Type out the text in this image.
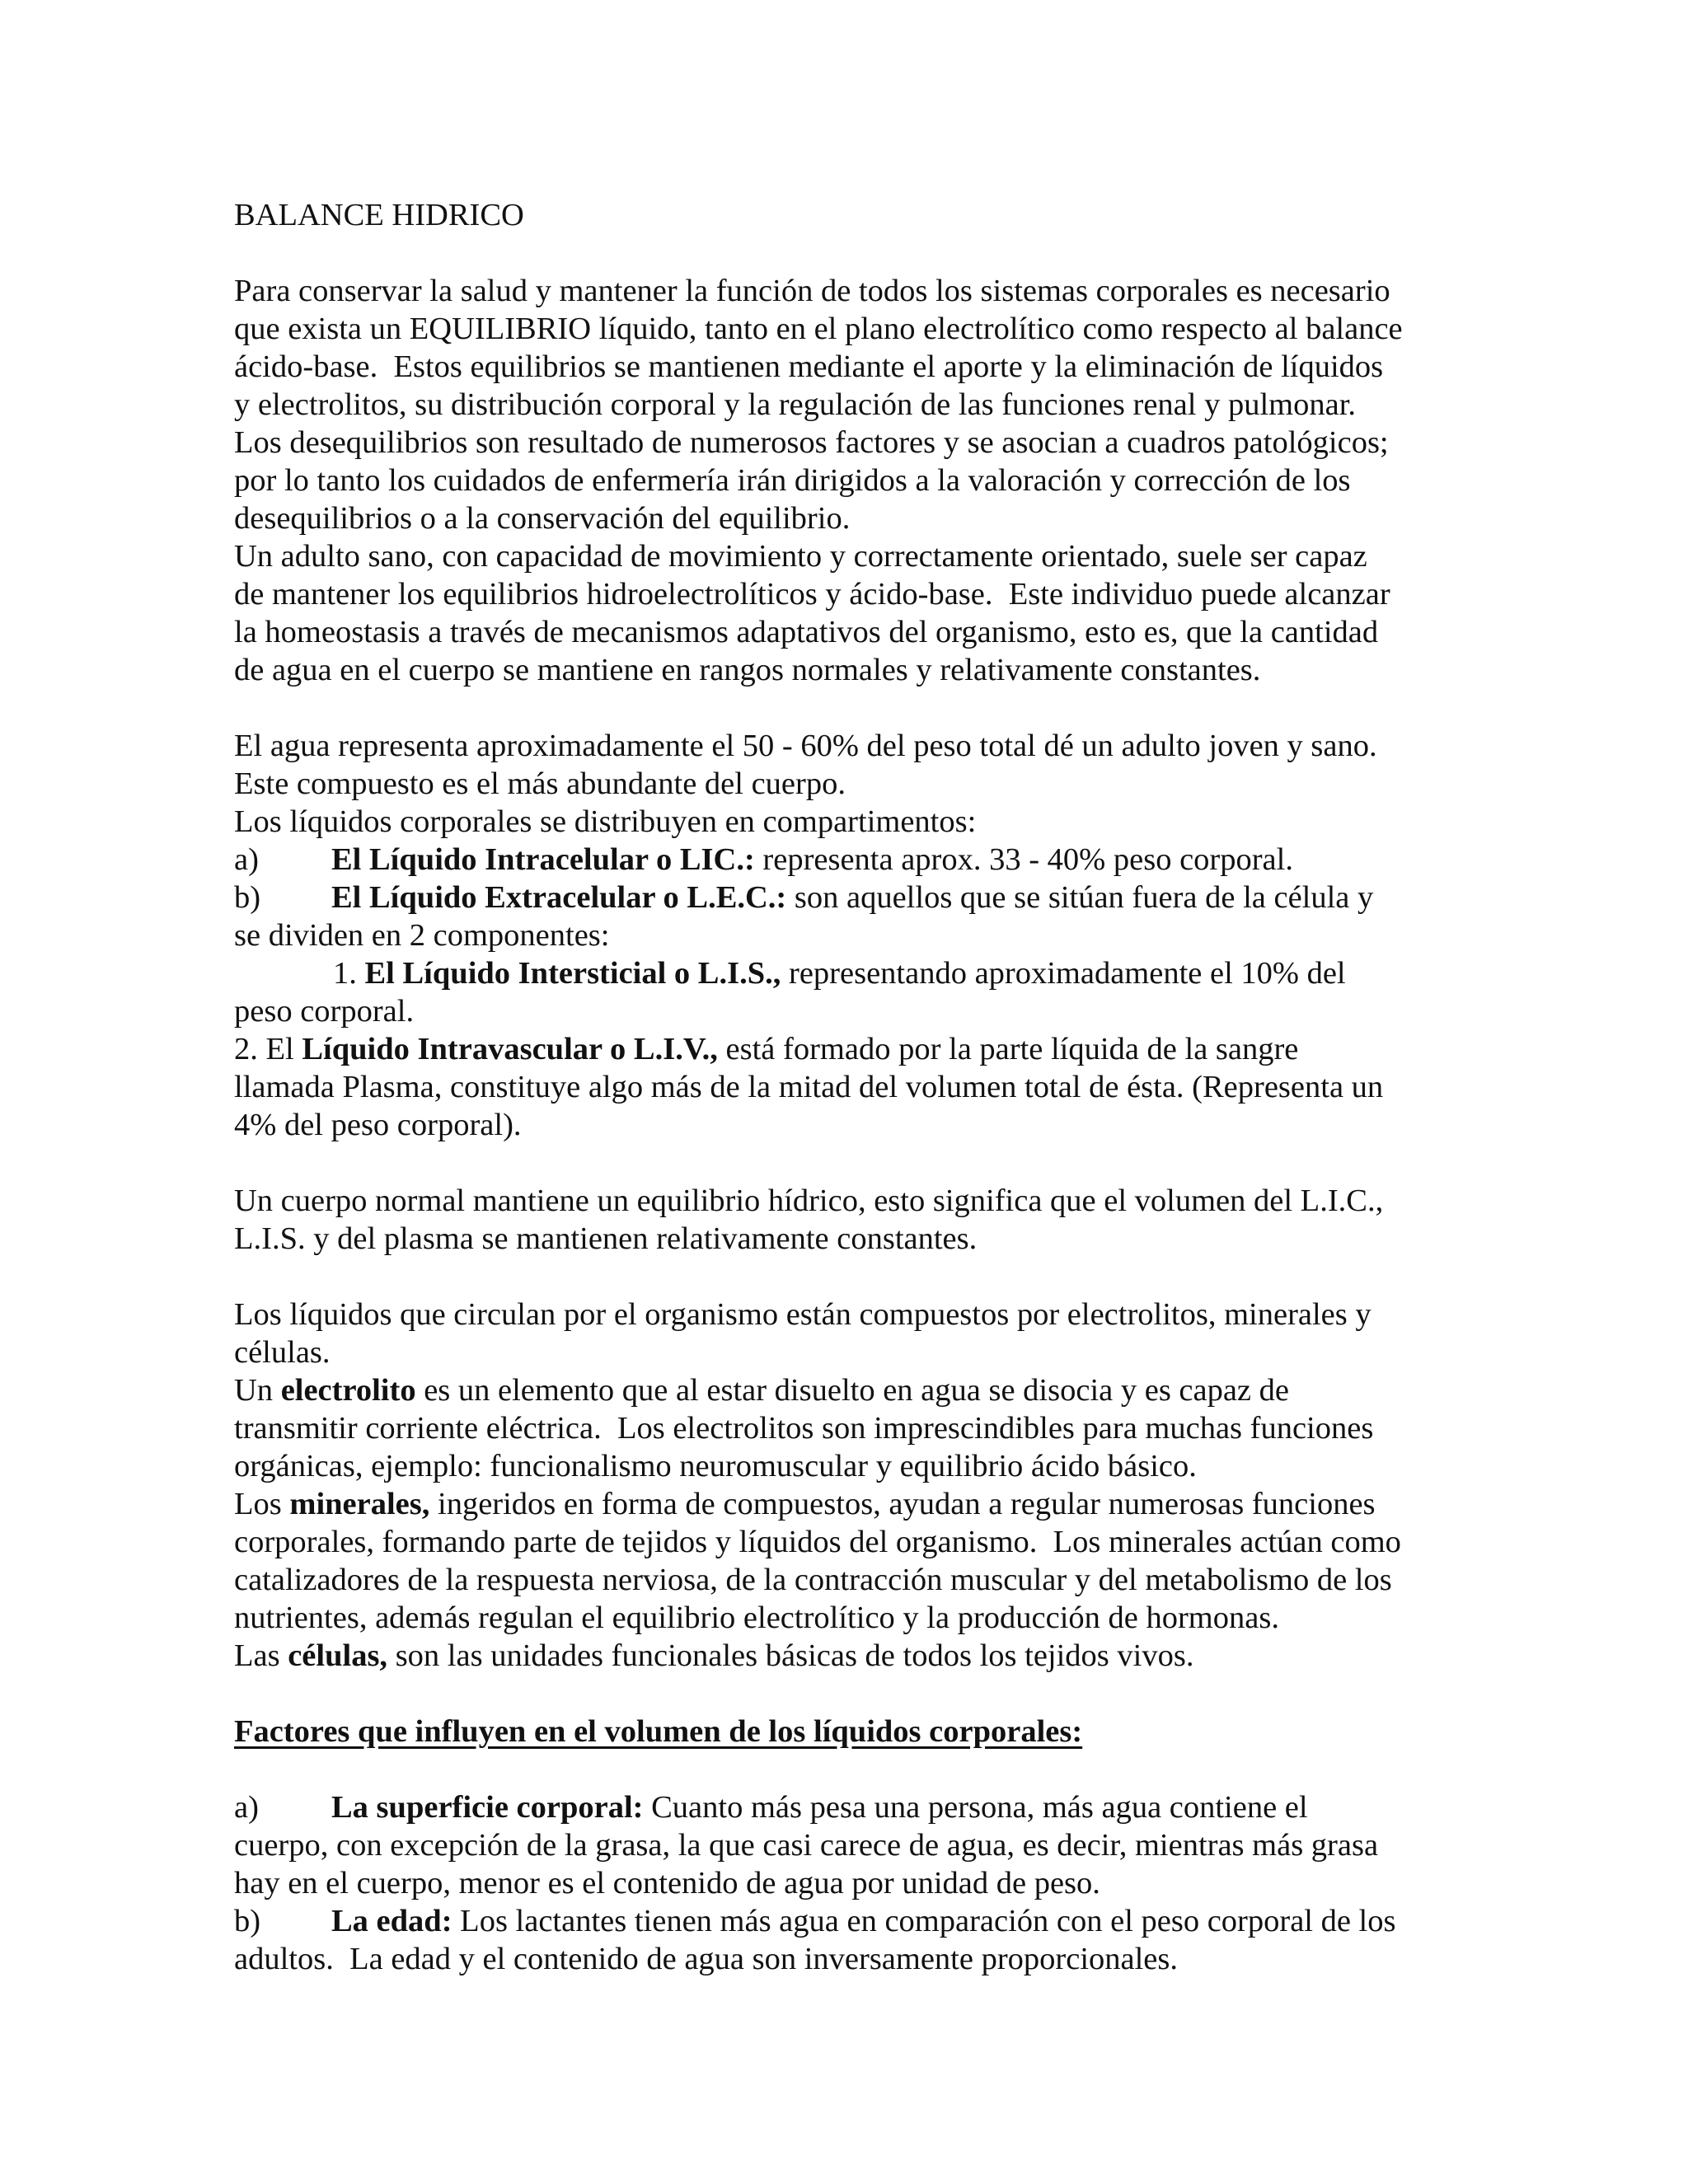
BALANCE HIDRICO
Para conservar la salud y mantener la función de todos los sistemas corporales es necesario
que exista un EQUILIBRIO líquido, tanto en el plano electrolítico como respecto al balance
ácido-base.  Estos equilibrios se mantienen mediante el aporte y la eliminación de líquidos
y electrolitos, su distribución corporal y la regulación de las funciones renal y pulmonar.
Los desequilibrios son resultado de numerosos factores y se asocian a cuadros patológicos;
por lo tanto los cuidados de enfermería irán dirigidos a la valoración y corrección de los
desequilibrios o a la conservación del equilibrio.
Un adulto sano, con capacidad de movimiento y correctamente orientado, suele ser capaz
de mantener los equilibrios hidroelectrolíticos y ácido-base.  Este individuo puede alcanzar
la homeostasis a través de mecanismos adaptativos del organismo, esto es, que la cantidad
de agua en el cuerpo se mantiene en rangos normales y relativamente constantes.
El agua representa aproximadamente el 50 - 60% del peso total dé un adulto joven y sano.
Este compuesto es el más abundante del cuerpo.
Los líquidos corporales se distribuyen en compartimentos:
a) El Líquido Intracelular o LIC.: representa aprox. 33 - 40% peso corporal.
b) El Líquido Extracelular o L.E.C.: son aquellos que se sitúan fuera de la célula y
se dividen en 2 componentes:
1. El Líquido Intersticial o L.I.S., representando aproximadamente el 10% del
peso corporal.
2. El Líquido Intravascular o L.I.V., está formado por la parte líquida de la sangre
llamada Plasma, constituye algo más de la mitad del volumen total de ésta. (Representa un
4% del peso corporal).
Un cuerpo normal mantiene un equilibrio hídrico, esto significa que el volumen del L.I.C.,
L.I.S. y del plasma se mantienen relativamente constantes.
Los líquidos que circulan por el organismo están compuestos por electrolitos, minerales y
células.
Un electrolito es un elemento que al estar disuelto en agua se disocia y es capaz de
transmitir corriente eléctrica.  Los electrolitos son imprescindibles para muchas funciones
orgánicas, ejemplo: funcionalismo neuromuscular y equilibrio ácido básico.
Los minerales, ingeridos en forma de compuestos, ayudan a regular numerosas funciones
corporales, formando parte de tejidos y líquidos del organismo.  Los minerales actúan como
catalizadores de la respuesta nerviosa, de la contracción muscular y del metabolismo de los
nutrientes, además regulan el equilibrio electrolítico y la producción de hormonas.
Las células, son las unidades funcionales básicas de todos los tejidos vivos.
Factores que influyen en el volumen de los líquidos corporales:
a) La superficie corporal: Cuanto más pesa una persona, más agua contiene el
cuerpo, con excepción de la grasa, la que casi carece de agua, es decir, mientras más grasa
hay en el cuerpo, menor es el contenido de agua por unidad de peso.
b) La edad: Los lactantes tienen más agua en comparación con el peso corporal de los
adultos.  La edad y el contenido de agua son inversamente proporcionales.
